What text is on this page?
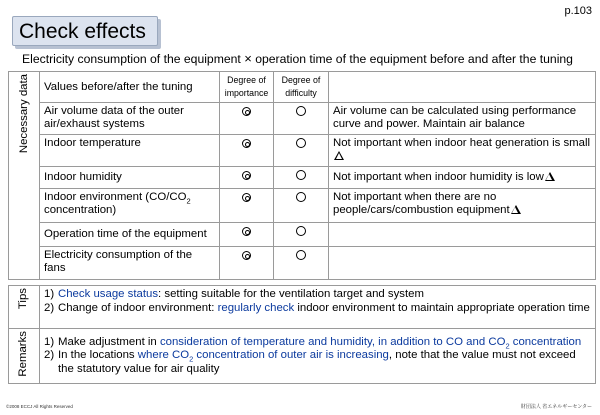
p.103
Check effects
Electricity consumption of the equipment × operation time of the equipment before and after the tuning
Necessary data	Values before/after the tuning	Degree of importance	Degree of difficulty	
	Air volume data of the outer air/exhaust systems			Air volume can be calculated using performance curve and power. Maintain air balance
	Indoor temperature			Not important when indoor heat generation is small
	Indoor humidity			Not important when indoor humidity is low
	Indoor environment ($CO/CO_2$ concentration)			Not important when there are no people/cars/combustion equipment
	Operation time of the equipment			
	Electricity consumption of the fans			
Tips	1) Check usage status: setting suitable for the ventilation target and system
2) Change of indoor environment: regularly check indoor environment to maintain appropriate operation time

Remarks	1) Make adjustment in consideration of temperature and humidity, in addition to CO and $CO_2$ concentration
2) In the locations where $CO_2$ concentration of outer air is increasing, note that the value must not exceed the statutory value for air quality
©2008 ECCJ All Rights Reserved	財団法人 省エネルギーセンター
